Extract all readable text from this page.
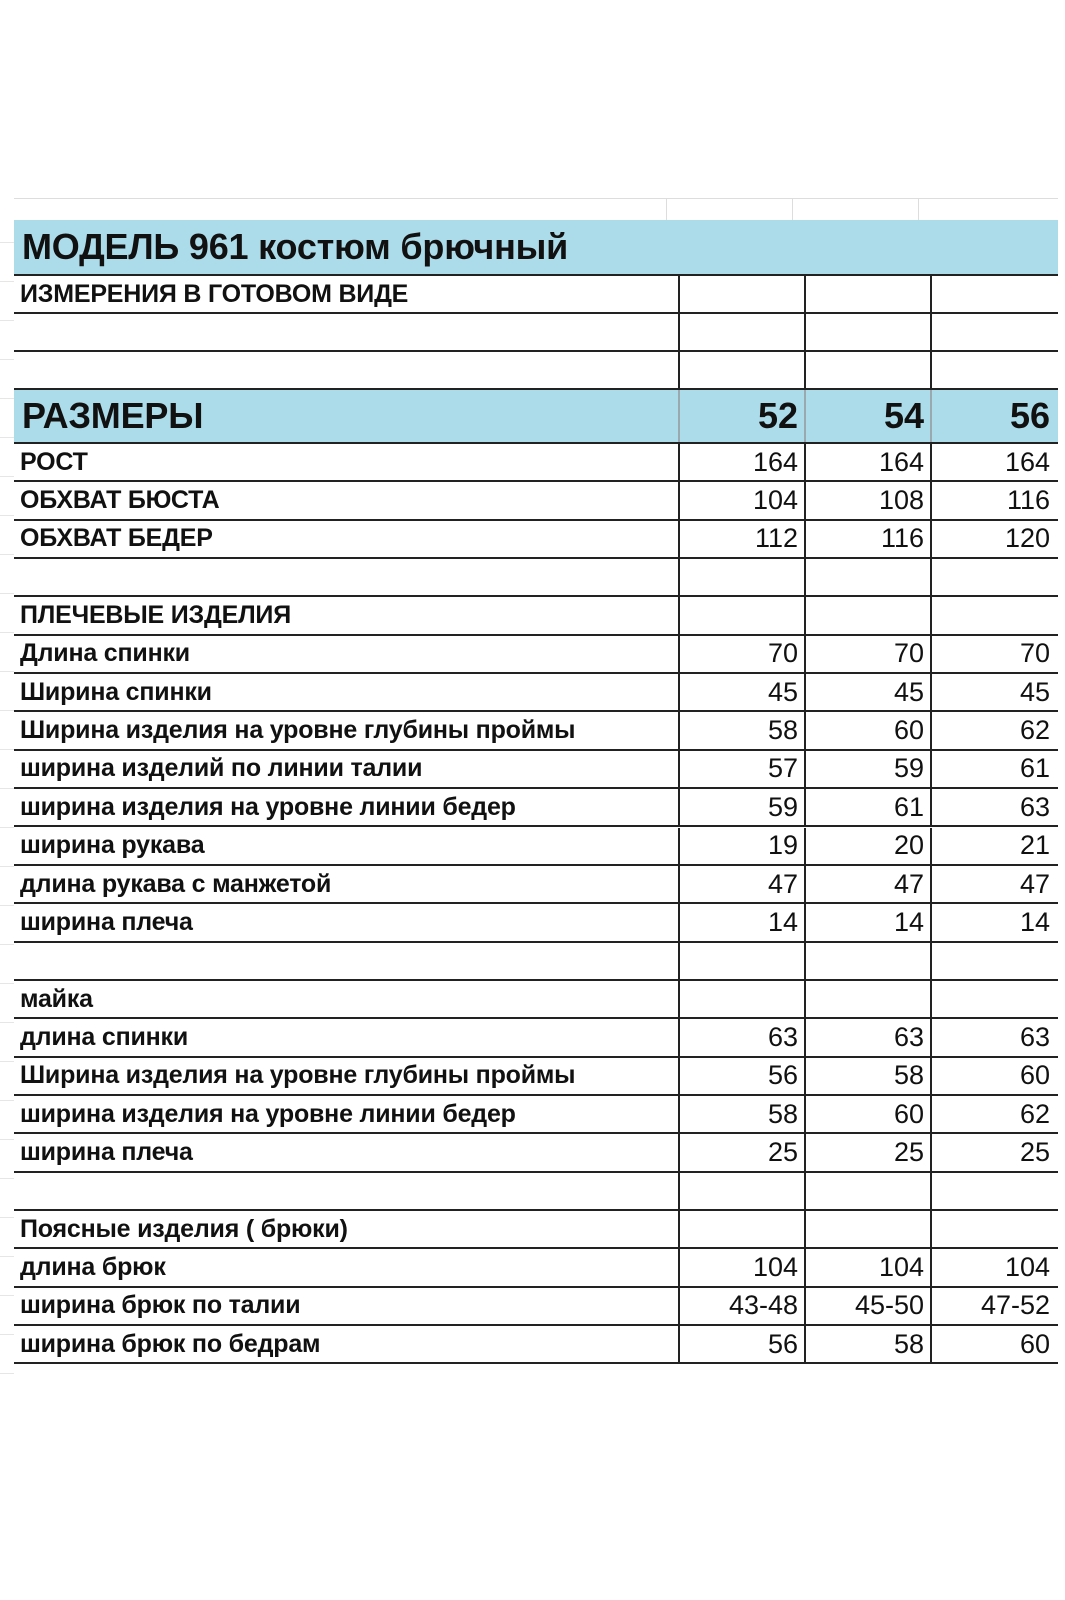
МОДЕЛЬ 961 костюм брючный
ИЗМЕРЕНИЯ В ГОТОВОМ ВИДЕ
РАЗМЕРЫ	52	54	56
РОСТ	164	164	164
ОБХВАТ БЮСТА	104	108	116
ОБХВАТ БЕДЕР	112	116	120
ПЛЕЧЕВЫЕ ИЗДЕЛИЯ
Длина спинки	70	70	70
Ширина спинки	45	45	45
Ширина изделия на уровне глубины проймы	58	60	62
ширина изделий по линии талии	57	59	61
ширина изделия на уровне линии бедер	59	61	63
ширина рукава	19	20	21
длина рукава с манжетой	47	47	47
ширина плеча	14	14	14
майка
длина спинки	63	63	63
Ширина изделия на уровне глубины проймы	56	58	60
ширина изделия на уровне линии бедер	58	60	62
ширина плеча	25	25	25
Поясные изделия ( брюки)
длина брюк	104	104	104
ширина брюк по талии	43-48	45-50	47-52
ширина брюк по бедрам	56	58	60
